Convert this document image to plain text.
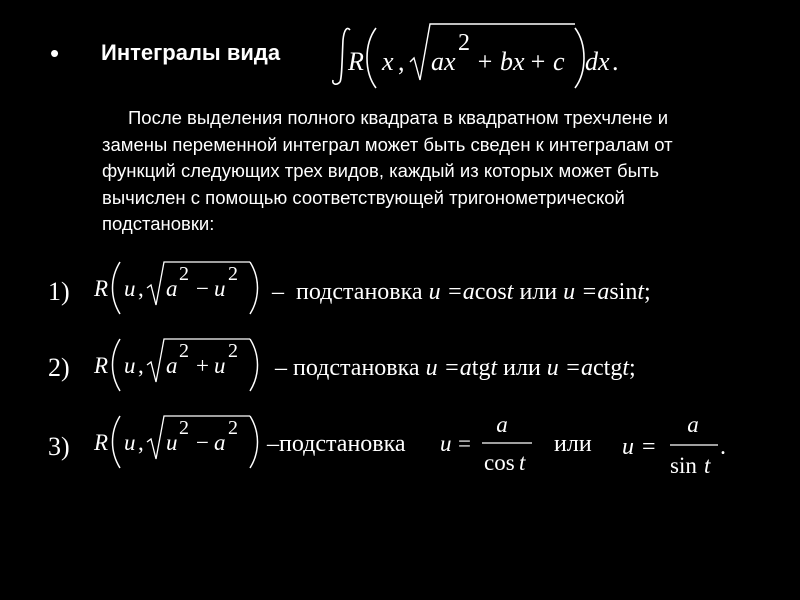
• Интегралы вида	R x , ax
2
+ bx + c dx .
После выделения полного квадрата в квадратном трехчлене и
замены переменной интеграл может быть сведен к интегралам от
функций следующих трех видов, каждый из которых может быть
вычислен с помощью соответствующей тригонометрической
подстановки:
1) R u , a
2
− u
2
– подстановка u =acost или u =asint;
2) R u , a
2
+ u
2
– подстановка u =atgt или u =actgt;
3) R u , u
2
− a
2
–подстановка u =
a
cos t
или u =
a
sin t
.
